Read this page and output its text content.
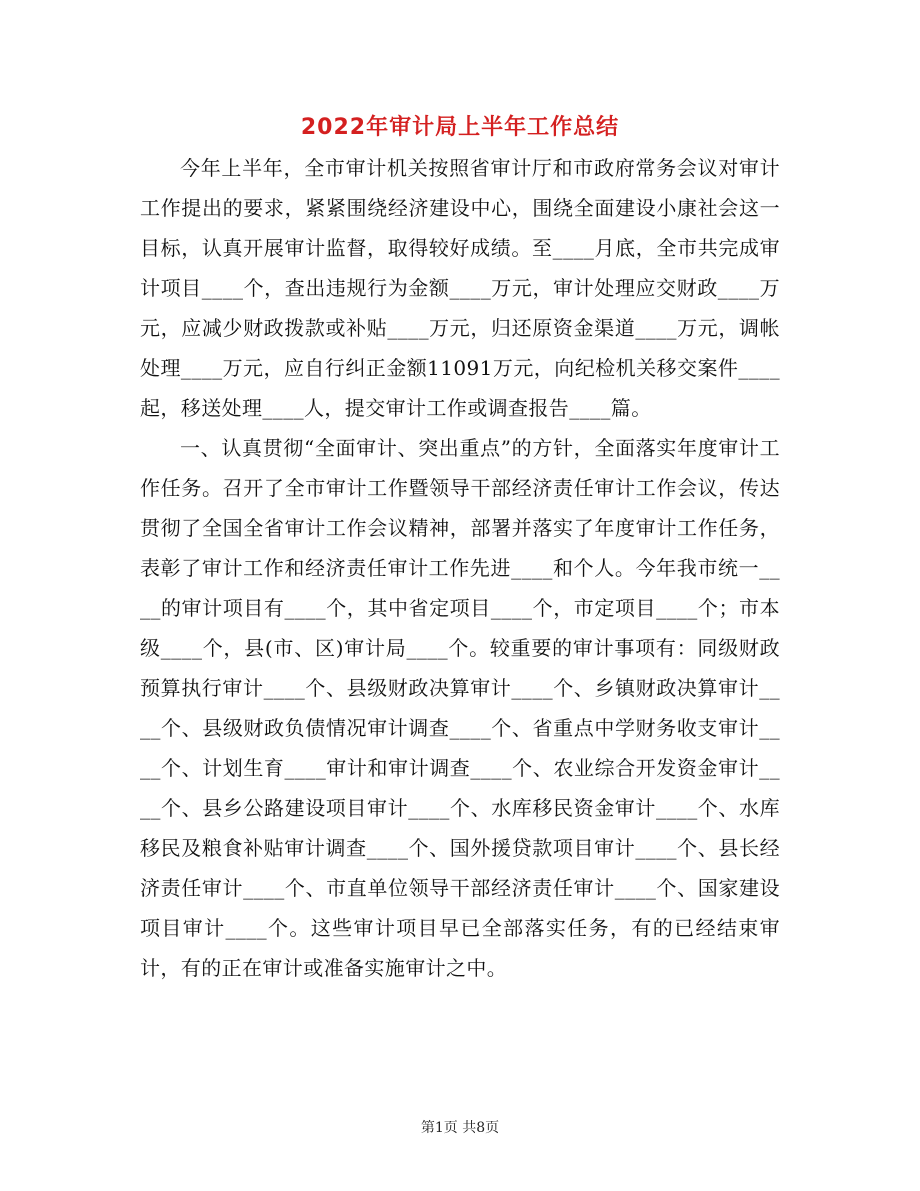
2022年审计局上半年工作总结

今年上半年，全市审计机关按照省审计厅和市政府常务会议对审计工作提出的要求，紧紧围绕经济建设中心，围绕全面建设小康社会这一目标，认真开展审计监督，取得较好成绩。至____月底，全市共完成审计项目____个，查出违规行为金额____万元，审计处理应交财政____万元，应减少财政拨款或补贴____万元，归还原资金渠道____万元，调帐处理____万元，应自行纠正金额11091万元，向纪检机关移交案件____起，移送处理____人，提交审计工作或调查报告____篇。

一、认真贯彻“全面审计、突出重点”的方针，全面落实年度审计工作任务。召开了全市审计工作暨领导干部经济责任审计工作会议，传达贯彻了全国全省审计工作会议精神，部署并落实了年度审计工作任务，表彰了审计工作和经济责任审计工作先进____和个人。今年我市统一____的审计项目有____个，其中省定项目____个，市定项目____个；市本级____个，县(市、区)审计局____个。较重要的审计事项有：同级财政预算执行审计____个、县级财政决算审计____个、乡镇财政决算审计____个、县级财政负债情况审计调查____个、省重点中学财务收支审计____个、计划生育____审计和审计调查____个、农业综合开发资金审计____个、县乡公路建设项目审计____个、水库移民资金审计____个、水库移民及粮食补贴审计调查____个、国外援贷款项目审计____个、县长经济责任审计____个、市直单位领导干部经济责任审计____个、国家建设项目审计____个。这些审计项目早已全部落实任务，有的已经结束审计，有的正在审计或准备实施审计之中。

第1页 共8页
